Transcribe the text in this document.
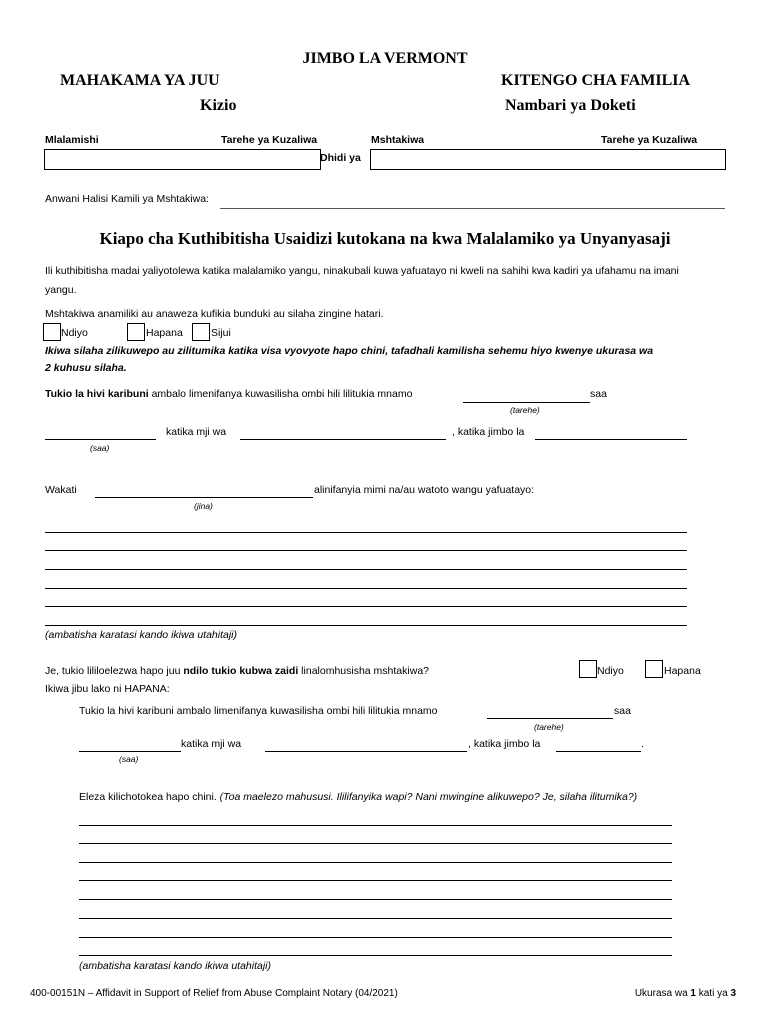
JIMBO LA VERMONT
MAHAKAMA YA JUU	KITENGO CHA FAMILIA
Kizio	Nambari ya Doketi
Mlalamishi	Tarehe ya Kuzaliwa	Mshtakiwa	Tarehe ya Kuzaliwa
Dhidi ya
Anwani Halisi Kamili ya Mshtakiwa:
Kiapo cha Kuthibitisha Usaidizi kutokana na kwa Malalamiko ya Unyanyasaji
Ili kuthibitisha madai yaliyotolewa katika malalamiko yangu, ninakubali kuwa yafuatayo ni kweli na sahihi kwa kadiri ya ufahamu na imani
yangu.
Mshtakiwa anamiliki au anaweza kufikia bunduki au silaha zingine hatari.
Ndiyo	Hapana	Sijui
Ikiwa silaha zilikuwepo au zilitumika katika visa vyovyote hapo chini, tafadhali kamilisha sehemu hiyo kwenye ukurasa wa
2 kuhusu silaha.
Tukio la hivi karibuni ambalo limenifanya kuwasilisha ombi hili lilitukia mnamo	saa
(tarehe)
katika mji wa	, katika jimbo la
(saa)
Wakati	alinifanyia mimi na/au watoto wangu yafuatayo:
(jina)
(ambatisha karatasi kando ikiwa utahitaji)
Je, tukio lililoelezwa hapo juu ndilo tukio kubwa zaidi linalomhusisha mshtakiwa?	Ndiyo	Hapana
Ikiwa jibu lako ni HAPANA:
Tukio la hivi karibuni ambalo limenifanya kuwasilisha ombi hili lilitukia mnamo	saa
(tarehe)
katika mji wa	, katika jimbo la	.
(saa)
Eleza kilichotokea hapo chini. (Toa maelezo mahususi. Ililifanyika wapi? Nani mwingine alikuwepo? Je, silaha ilitumika?)
(ambatisha karatasi kando ikiwa utahitaji)
400-00151N – Affidavit in Support of Relief from Abuse Complaint Notary (04/2021)	Ukurasa wa 1 kati ya 3
